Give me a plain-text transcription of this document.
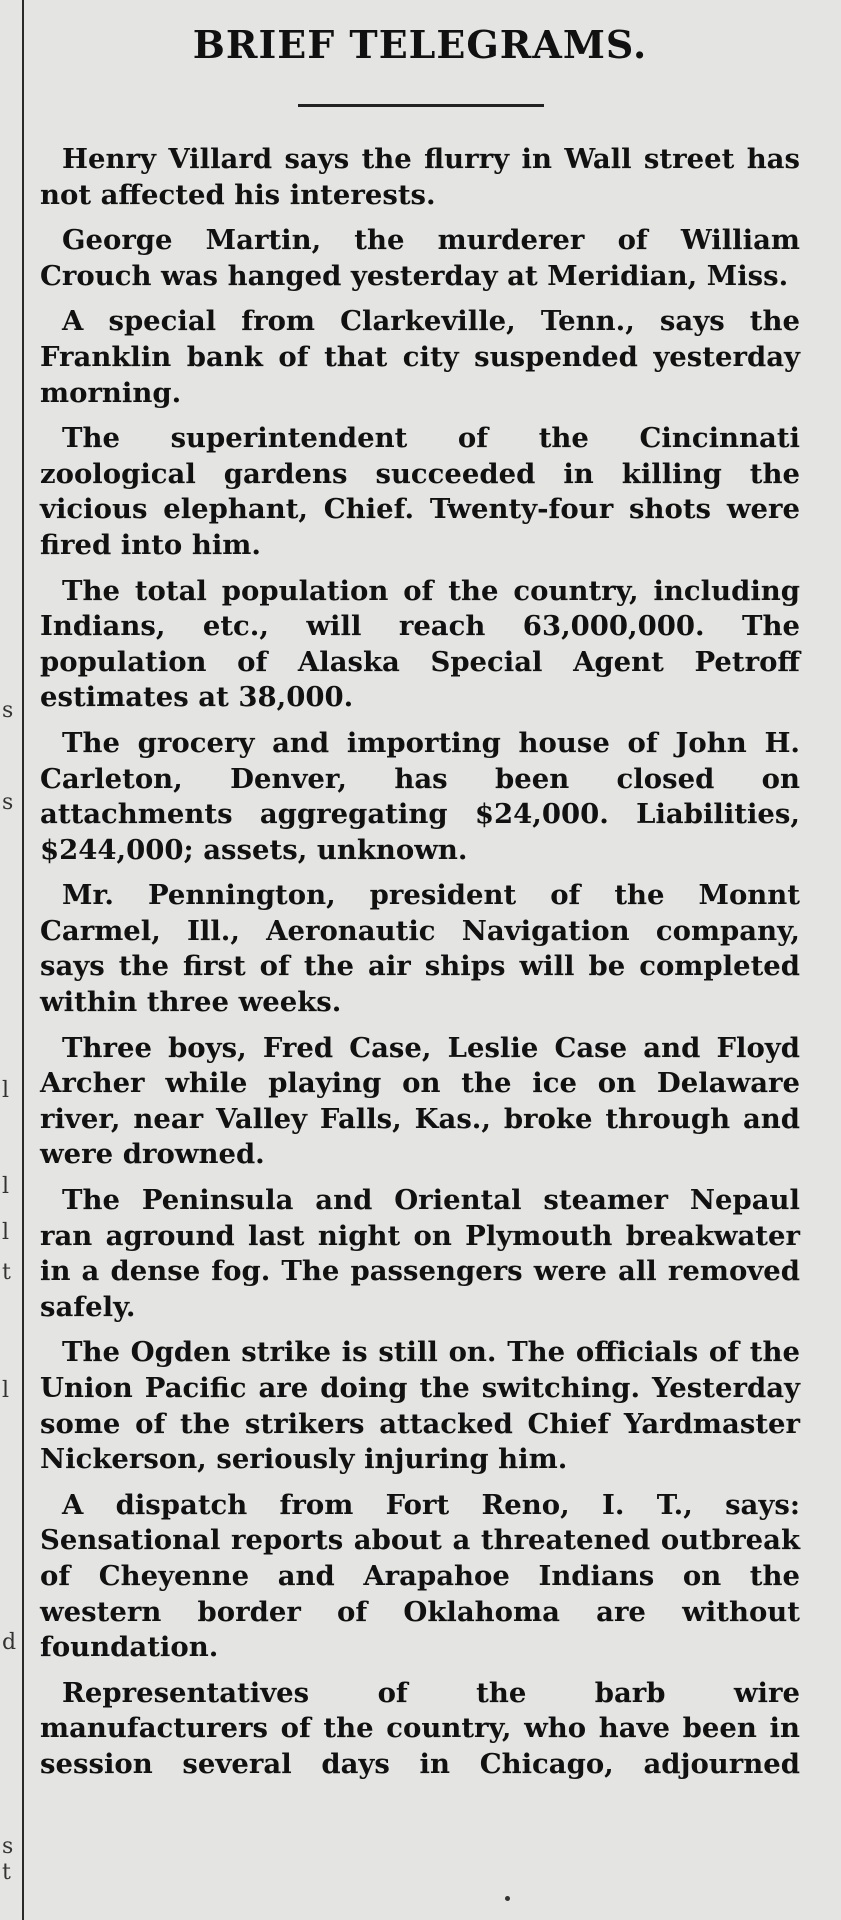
s
s
l
l
l
t
l
d
s
t
BRIEF TELEGRAMS.

Henry Villard says the flurry in Wall street has not affected his interests.

George Martin, the murderer of William Crouch was hanged yesterday at Meridian, Miss.

A special from Clarkeville, Tenn., says the Franklin bank of that city suspended yesterday morning.

The superintendent of the Cincinnati zoological gardens succeeded in killing the vicious elephant, Chief. Twenty-four shots were fired into him.

The total population of the country, including Indians, etc., will reach 63,000,000. The population of Alaska Special Agent Petroff estimates at 38,000.

The grocery and importing house of John H. Carleton, Denver, has been closed on attachments aggregating $24,000. Liabilities, $244,000; assets, unknown.

Mr. Pennington, president of the Monnt Carmel, Ill., Aeronautic Navigation company, says the first of the air ships will be completed within three weeks.

Three boys, Fred Case, Leslie Case and Floyd Archer while playing on the ice on Delaware river, near Valley Falls, Kas., broke through and were drowned.

The Peninsula and Oriental steamer Nepaul ran aground last night on Plymouth breakwater in a dense fog. The passengers were all removed safely.

The Ogden strike is still on. The officials of the Union Pacific are doing the switching. Yesterday some of the strikers attacked Chief Yardmaster Nickerson, seriously injuring him.

A dispatch from Fort Reno, I. T., says: Sensational reports about a threatened outbreak of Cheyenne and Arapahoe Indians on the western border of Oklahoma are without foundation.

Representatives of the barb wire manufacturers of the country, who have been in session several days in Chicago, adjourned
